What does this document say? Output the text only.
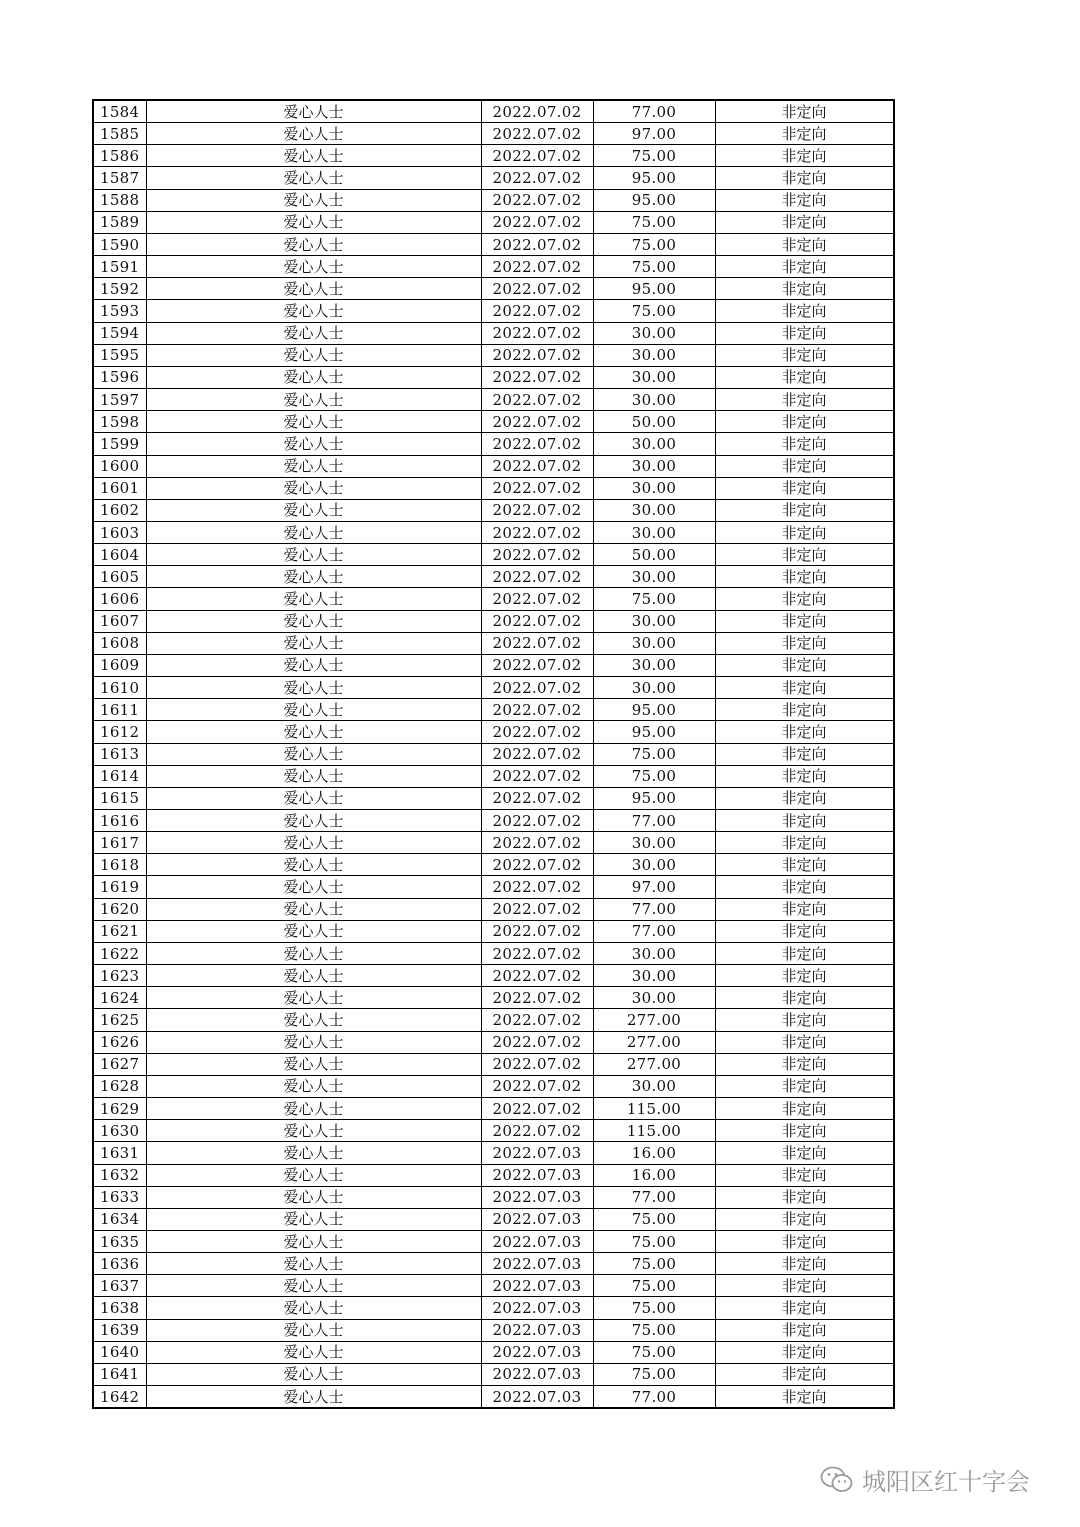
1584	爱心人士	2022.07.02	77.00	非定向
1585	爱心人士	2022.07.02	97.00	非定向
1586	爱心人士	2022.07.02	75.00	非定向
1587	爱心人士	2022.07.02	95.00	非定向
1588	爱心人士	2022.07.02	95.00	非定向
1589	爱心人士	2022.07.02	75.00	非定向
1590	爱心人士	2022.07.02	75.00	非定向
1591	爱心人士	2022.07.02	75.00	非定向
1592	爱心人士	2022.07.02	95.00	非定向
1593	爱心人士	2022.07.02	75.00	非定向
1594	爱心人士	2022.07.02	30.00	非定向
1595	爱心人士	2022.07.02	30.00	非定向
1596	爱心人士	2022.07.02	30.00	非定向
1597	爱心人士	2022.07.02	30.00	非定向
1598	爱心人士	2022.07.02	50.00	非定向
1599	爱心人士	2022.07.02	30.00	非定向
1600	爱心人士	2022.07.02	30.00	非定向
1601	爱心人士	2022.07.02	30.00	非定向
1602	爱心人士	2022.07.02	30.00	非定向
1603	爱心人士	2022.07.02	30.00	非定向
1604	爱心人士	2022.07.02	50.00	非定向
1605	爱心人士	2022.07.02	30.00	非定向
1606	爱心人士	2022.07.02	75.00	非定向
1607	爱心人士	2022.07.02	30.00	非定向
1608	爱心人士	2022.07.02	30.00	非定向
1609	爱心人士	2022.07.02	30.00	非定向
1610	爱心人士	2022.07.02	30.00	非定向
1611	爱心人士	2022.07.02	95.00	非定向
1612	爱心人士	2022.07.02	95.00	非定向
1613	爱心人士	2022.07.02	75.00	非定向
1614	爱心人士	2022.07.02	75.00	非定向
1615	爱心人士	2022.07.02	95.00	非定向
1616	爱心人士	2022.07.02	77.00	非定向
1617	爱心人士	2022.07.02	30.00	非定向
1618	爱心人士	2022.07.02	30.00	非定向
1619	爱心人士	2022.07.02	97.00	非定向
1620	爱心人士	2022.07.02	77.00	非定向
1621	爱心人士	2022.07.02	77.00	非定向
1622	爱心人士	2022.07.02	30.00	非定向
1623	爱心人士	2022.07.02	30.00	非定向
1624	爱心人士	2022.07.02	30.00	非定向
1625	爱心人士	2022.07.02	277.00	非定向
1626	爱心人士	2022.07.02	277.00	非定向
1627	爱心人士	2022.07.02	277.00	非定向
1628	爱心人士	2022.07.02	30.00	非定向
1629	爱心人士	2022.07.02	115.00	非定向
1630	爱心人士	2022.07.02	115.00	非定向
1631	爱心人士	2022.07.03	16.00	非定向
1632	爱心人士	2022.07.03	16.00	非定向
1633	爱心人士	2022.07.03	77.00	非定向
1634	爱心人士	2022.07.03	75.00	非定向
1635	爱心人士	2022.07.03	75.00	非定向
1636	爱心人士	2022.07.03	75.00	非定向
1637	爱心人士	2022.07.03	75.00	非定向
1638	爱心人士	2022.07.03	75.00	非定向
1639	爱心人士	2022.07.03	75.00	非定向
1640	爱心人士	2022.07.03	75.00	非定向
1641	爱心人士	2022.07.03	75.00	非定向
1642	爱心人士	2022.07.03	77.00	非定向
城阳区红十字会
